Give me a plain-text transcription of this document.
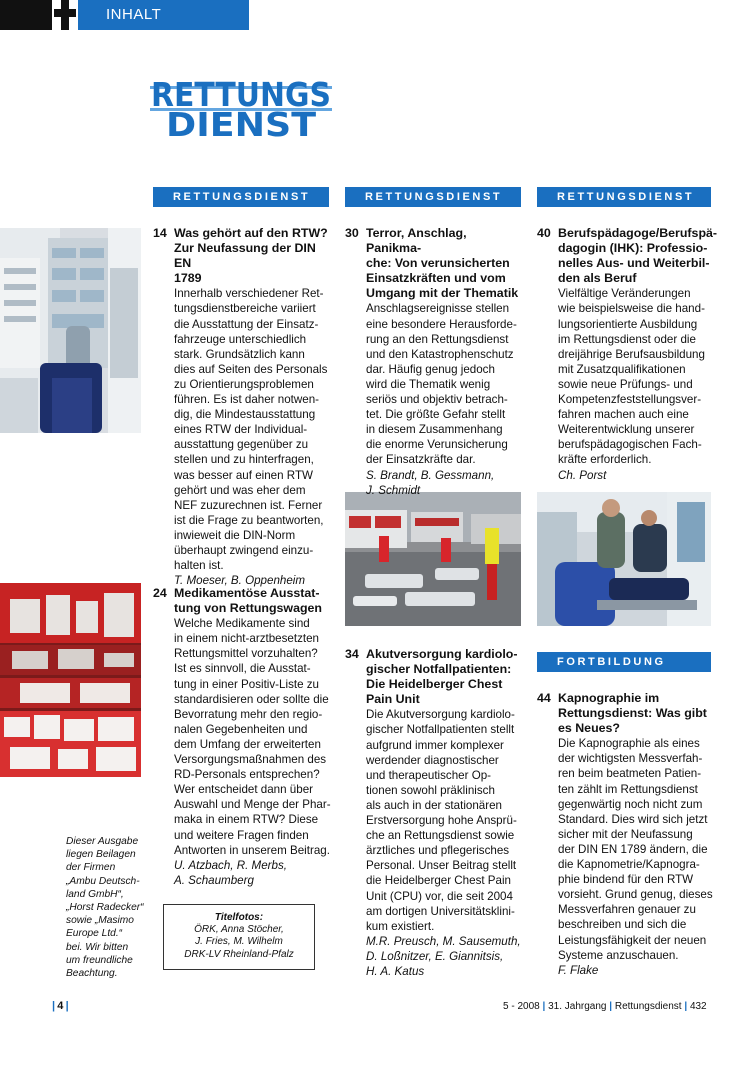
INHALT
RETTUNGS
DIENST
RETTUNGSDIENST	RETTUNGSDIENST	RETTUNGSDIENST
FORTBILDUNG
14 Was gehört auf den RTW?
Zur Neufassung der DIN EN
1789
Innerhalb verschiedener Ret-
tungsdienstbereiche variiert
die Ausstattung der Einsatz-
fahrzeuge unterschiedlich
stark. Grundsätzlich kann
dies auf Seiten des Personals
zu Orientierungsproblemen
führen. Es ist daher notwen-
dig, die Mindestausstattung
eines RTW der Individual-
ausstattung gegenüber zu
stellen und zu hinterfragen,
was besser auf einen RTW
gehört und was eher dem
NEF zuzurechnen ist. Ferner
ist die Frage zu beantworten,
inwieweit die DIN-Norm
überhaupt zwingend einzu-
halten ist.
T. Moeser, B. Oppenheim
24 Medikamentöse Ausstat-
tung von Rettungswagen
Welche Medikamente sind
in einem nicht-arztbesetzten
Rettungsmittel vorzuhalten?
Ist es sinnvoll, die Ausstat-
tung in einer Positiv-Liste zu
standardisieren oder sollte die
Bevorratung mehr den regio-
nalen Gegebenheiten und
dem Umfang der erweiterten
Versorgungsmaßnahmen des
RD-Personals entsprechen?
Wer entscheidet dann über
Auswahl und Menge der Phar-
maka in einem RTW? Diese
und weitere Fragen finden
Antworten in unserem Beitrag.
U. Atzbach, R. Merbs,
A. Schaumberg
30 Terror, Anschlag, Panikma-
che: Von verunsicherten
Einsatzkräften und vom
Umgang mit der Thematik
Anschlagsereignisse stellen
eine besondere Herausforde-
rung an den Rettungsdienst
und den Katastrophenschutz
dar. Häufig genug jedoch
wird die Thematik wenig
seriös und objektiv betrach-
tet. Die größte Gefahr stellt
in diesem Zusammenhang
die enorme Verunsicherung
der Einsatzkräfte dar.
S. Brandt, B. Gessmann,
J. Schmidt
34 Akutversorgung kardiolo-
gischer Notfallpatienten:
Die Heidelberger Chest
Pain Unit
Die Akutversorgung kardiolo-
gischer Notfallpatienten stellt
aufgrund immer komplexer
werdender diagnostischer
und therapeutischer Op-
tionen sowohl präklinisch
als auch in der stationären
Erstversorgung hohe Ansprü-
che an Rettungsdienst sowie
ärztliches und pflegerisches
Personal. Unser Beitrag stellt
die Heidelberger Chest Pain
Unit (CPU) vor, die seit 2004
am dortigen Universitätsklini-
kum existiert.
M.R. Preusch, M. Sausemuth,
D. Loßnitzer, E. Giannitsis,
H. A. Katus
40 Berufspädagoge/Berufspä-
dagogin (IHK): Professio-
nelles Aus- und Weiterbil-
den als Beruf
Vielfältige Veränderungen
wie beispielsweise die hand-
lungsorientierte Ausbildung
im Rettungsdienst oder die
dreijährige Berufsausbildung
mit Zusatzqualifikationen
sowie neue Prüfungs- und
Kompetenzfeststellungsver-
fahren machen auch eine
Weiterentwicklung unserer
berufspädagogischen Fach-
kräfte erforderlich.
Ch. Porst
44 Kapnographie im
Rettungsdienst: Was gibt
es Neues?
Die Kapnographie als eines
der wichtigsten Messverfah-
ren beim beatmeten Patien-
ten zählt im Rettungsdienst
gegenwärtig noch nicht zum
Standard. Dies wird sich jetzt
sicher mit der Neufassung
der DIN EN 1789 ändern, die
die Kapnometrie/Kapnogra-
phie bindend für den RTW
vorsieht. Grund genug, dieses
Messverfahren genauer zu
beschreiben und sich die
Leistungsfähigkeit der neuen
Systeme anzuschauen.
F. Flake
Dieser Ausgabe
liegen Beilagen
der Firmen
„Ambu Deutsch-
land GmbH“,
„Horst Radecker“
sowie „Masimo
Europe Ltd.“
bei. Wir bitten
um freundliche
Beachtung.
Titelfotos:
ÖRK, Anna Stöcher,
J. Fries, M. Wilhelm
DRK-LV Rheinland-Pfalz
|  4  |	5 - 2008 | 31. Jahrgang | Rettungsdienst | 432
